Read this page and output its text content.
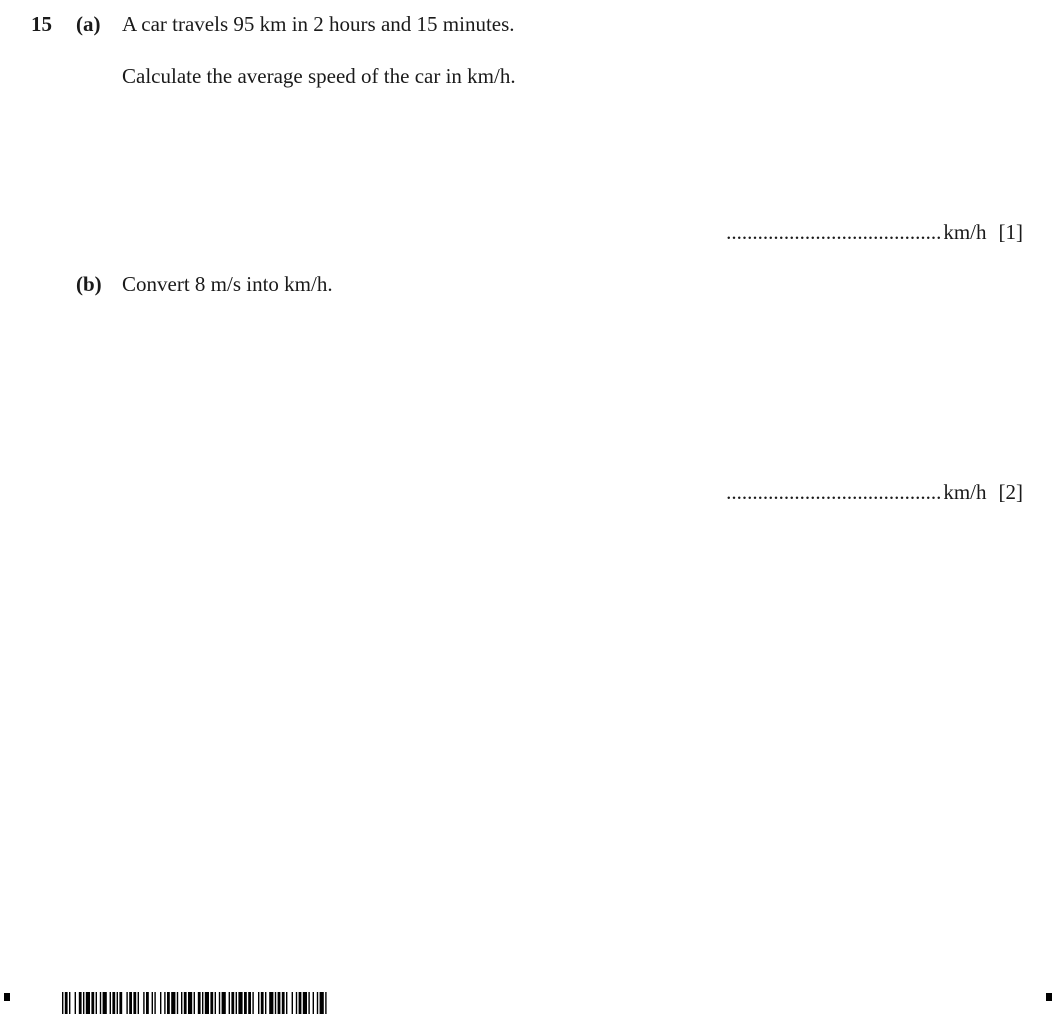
15 (a) A car travels 95 km in 2 hours and 15 minutes.
Calculate the average speed of the car in km/h.
......................................... km/h [1]
(b) Convert 8 m/s into km/h.
......................................... km/h [2]
